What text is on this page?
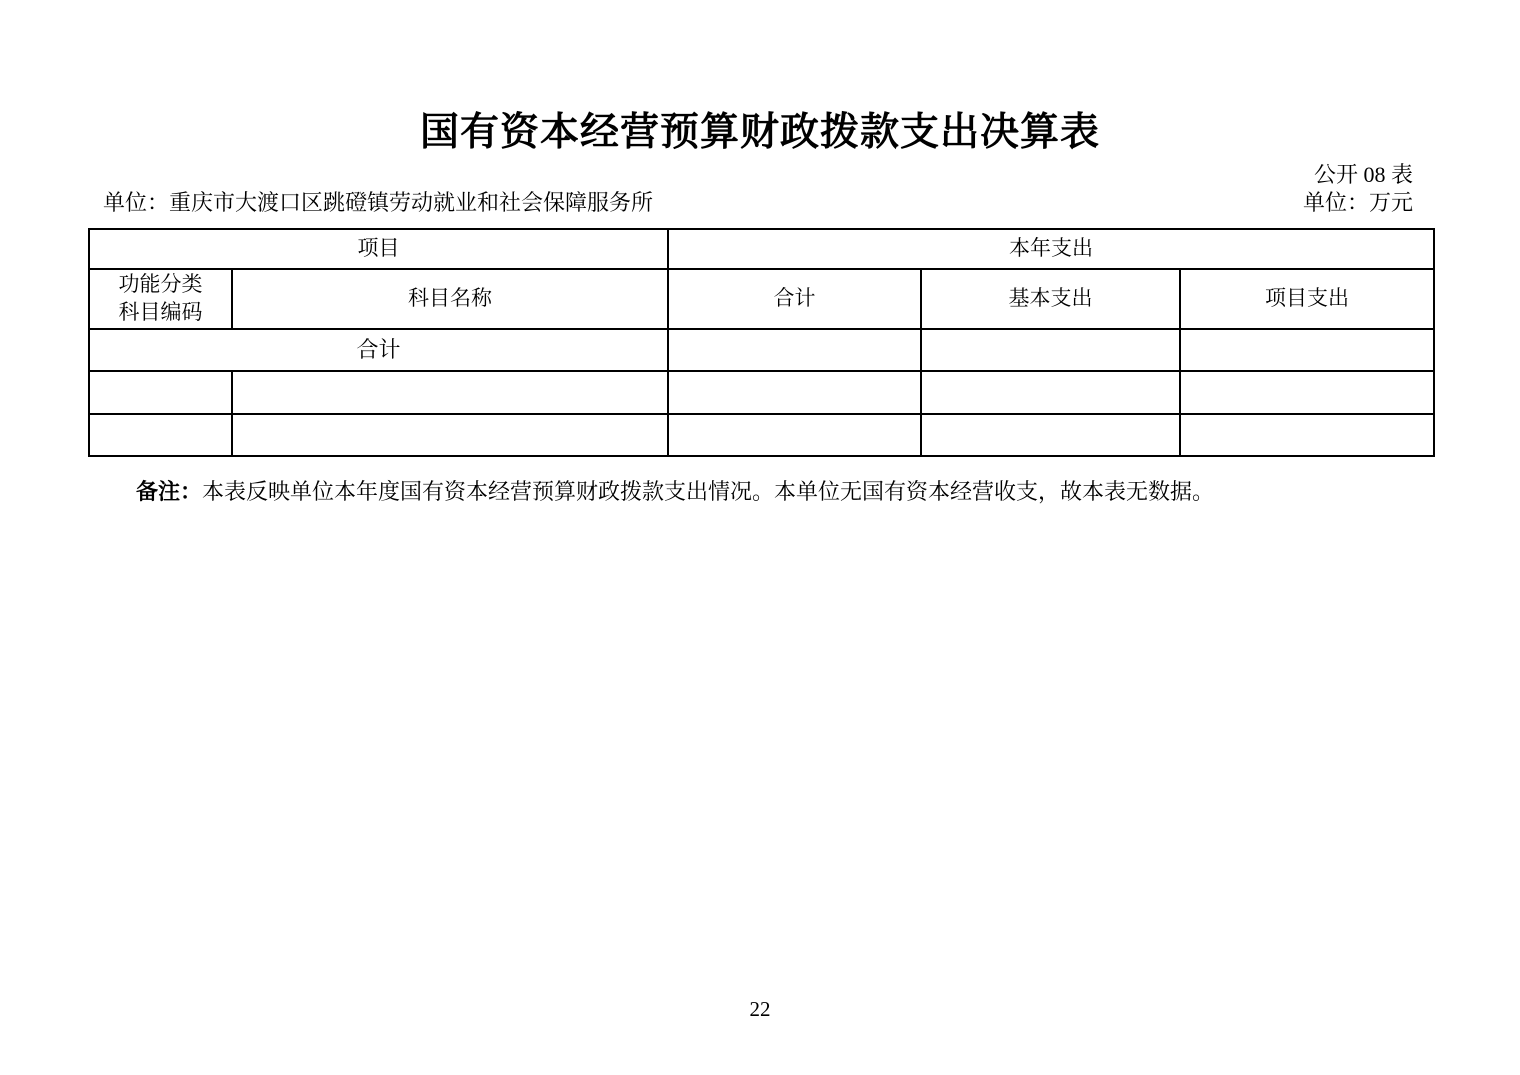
国有资本经营预算财政拨款支出决算表
公开 08 表
单位：重庆市大渡口区跳磴镇劳动就业和社会保障服务所	单位：万元
项目		本年支出		

功能分类
科目编码	科目名称	合计	基本支出	项目支出
合计				

备注：本表反映单位本年度国有资本经营预算财政拨款支出情况。本单位无国有资本经营收支，故本表无数据。
22
